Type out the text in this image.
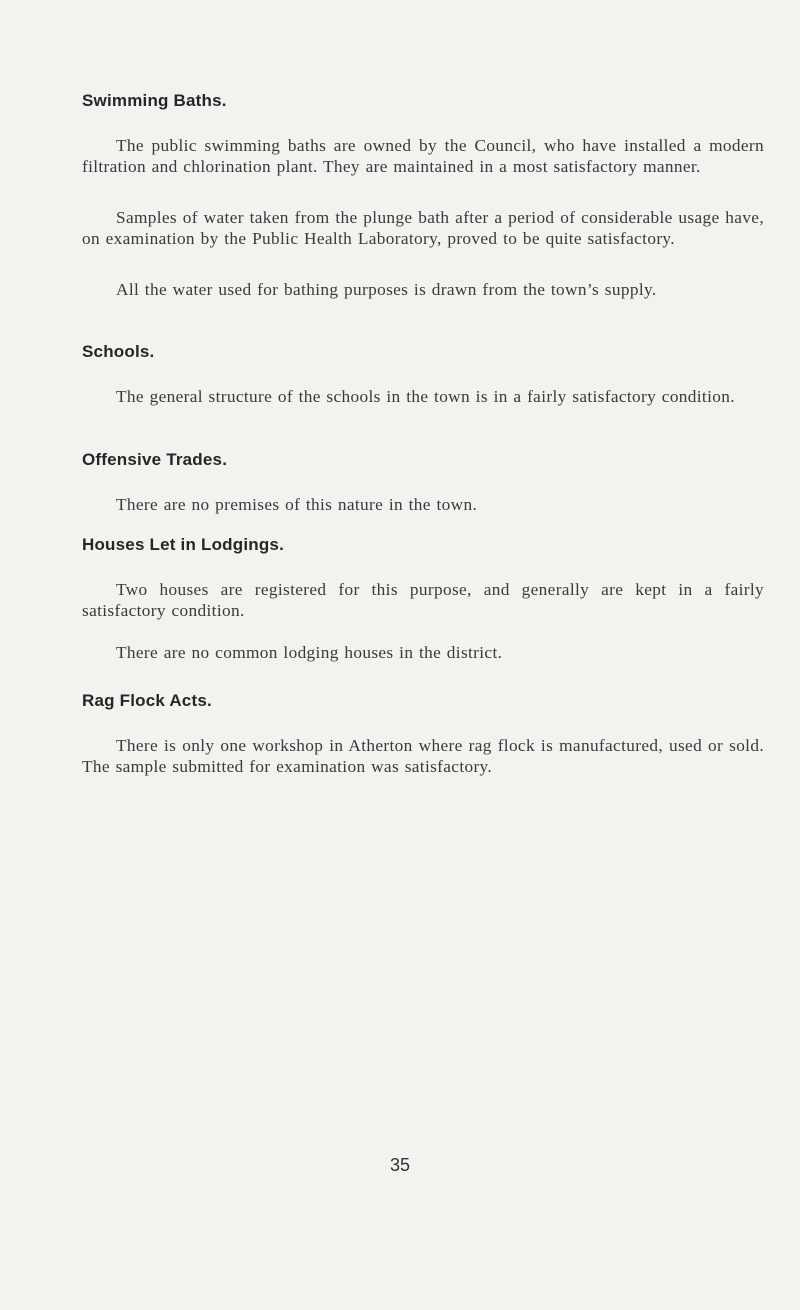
Swimming Baths.

The public swimming baths are owned by the Council, who have installed a modern filtration and chlorination plant. They are maintained in a most satisfactory manner.

Samples of water taken from the plunge bath after a period of considerable usage have, on examination by the Public Health Laboratory, proved to be quite satisfactory.

All the water used for bathing purposes is drawn from the town’s supply.

Schools.

The general structure of the schools in the town is in a fairly satisfactory condition.

Offensive Trades.

There are no premises of this nature in the town.

Houses Let in Lodgings.

Two houses are registered for this purpose, and generally are kept in a fairly satisfactory condition.

There are no common lodging houses in the district.

Rag Flock Acts.

There is only one workshop in Atherton where rag flock is manufactured, used or sold. The sample submitted for examination was satisfactory.

35
